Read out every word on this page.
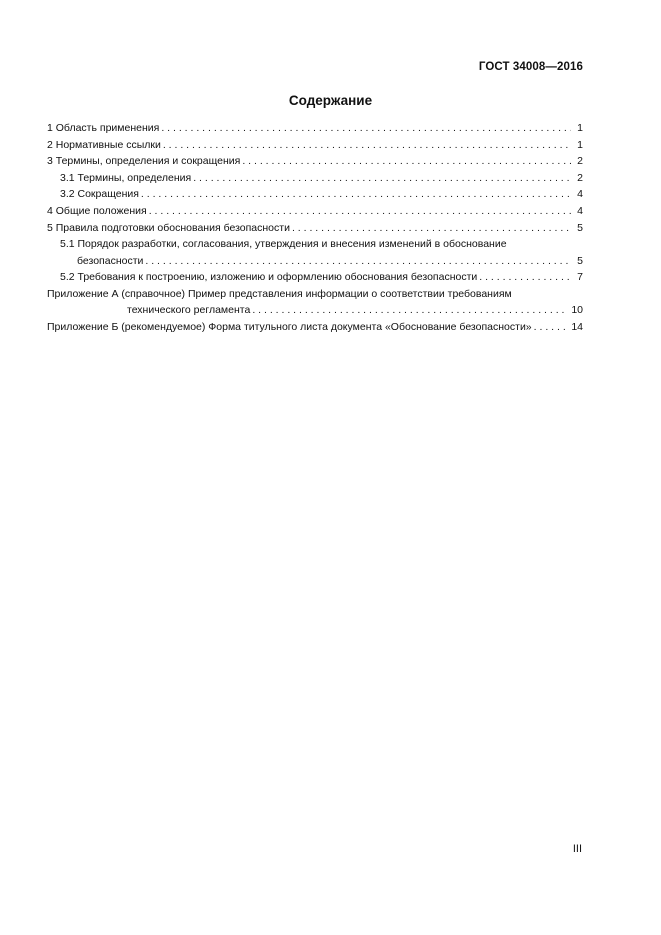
ГОСТ 34008—2016
Содержание
1 Область применения . . .	1
2 Нормативные ссылки . . .	1
3 Термины, определения и сокращения . . .	2
3.1 Термины, определения . . .	2
3.2 Сокращения . . .	4
4 Общие положения . . .	4
5 Правила подготовки обоснования безопасности . . .	5
5.1 Порядок разработки, согласования, утверждения и внесения изменений в обоснование
безопасности . . .	5
5.2 Требования к построению, изложению и оформлению обоснования безопасности . . .	7
Приложение А (справочное) Пример представления информации о соответствии требованиям
технического регламента . . .	10
Приложение Б (рекомендуемое) Форма титульного листа документа «Обоснование безопасности» . . .	14
III
